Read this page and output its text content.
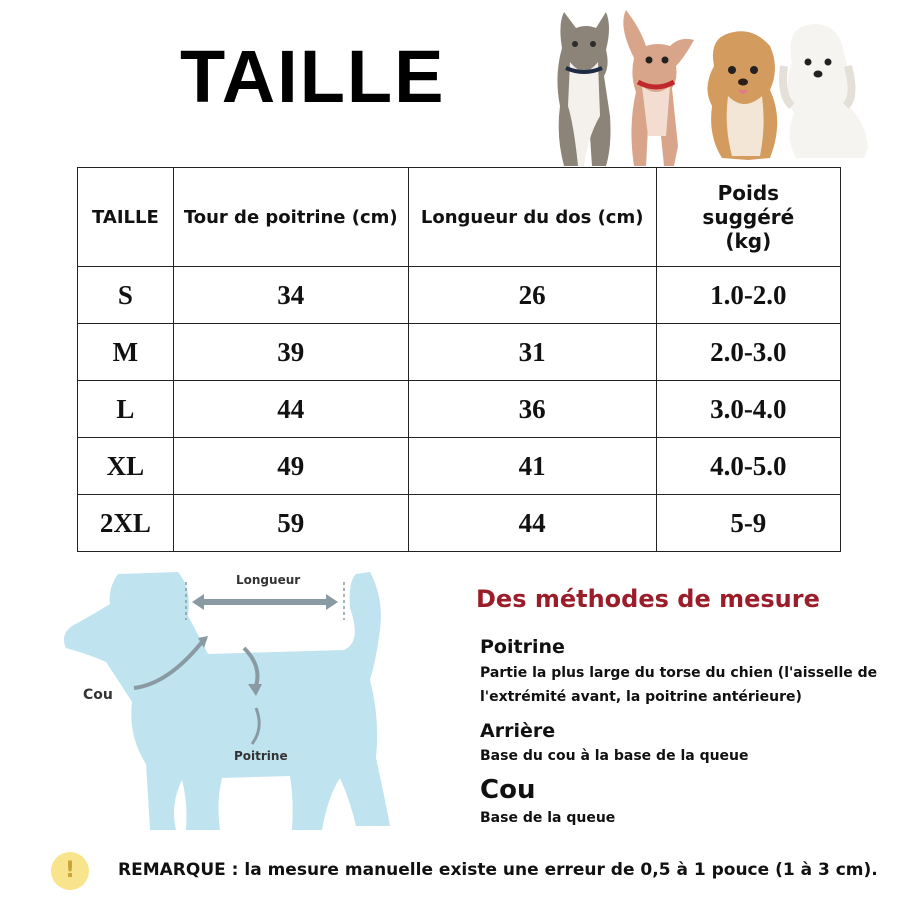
TAILLE
TAILLE	Tour de poitrine (cm)	Longueur du dos (cm)	Poids
suggéré
(kg)

S	34	26	1.0-2.0
M	39	31	2.0-3.0
L	44	36	3.0-4.0
XL	49	41	4.0-5.0
2XL	59	44	5-9
Longueur
Cou
Poitrine
Des méthodes de mesure
Poitrine
Partie la plus large du torse du chien (l'aisselle de
l'extrémité avant, la poitrine antérieure)
Arrière
Base du cou à la base de la queue
Cou
Base de la queue
!	REMARQUE : la mesure manuelle existe une erreur de 0,5 à 1 pouce (1 à 3 cm).
